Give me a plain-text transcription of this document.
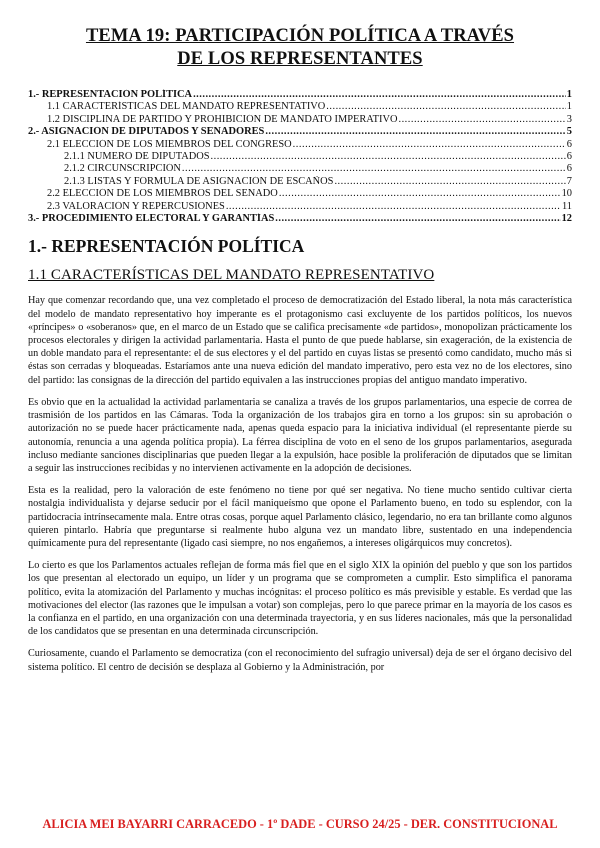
TEMA 19: PARTICIPACIÓN POLÍTICA A TRAVÉS
DE LOS REPRESENTANTES
1.- REPRESENTACIÓN POLÍTICA .....	1
1.1 CARACTERÍSTICAS DEL MANDATO REPRESENTATIVO .....	1
1.2 DISCIPLINA DE PARTIDO Y PROHIBICIÓN DE MANDATO IMPERATIVO .....	3
2.- ASIGNACIÓN DE DIPUTADOS Y SENADORES .....	5
2.1 ELECCIÓN DE LOS MIEMBROS DEL CONGRESO .....	6
2.1.1 NÚMERO DE DIPUTADOS .....	6
2.1.2 CIRCUNSCRIPCIÓN .....	6
2.1.3 LISTAS Y FÓRMULA DE ASIGNACIÓN DE ESCAÑOS .....	7
2.2 ELECCIÓN DE LOS MIEMBROS DEL SENADO .....	10
2.3 VALORACIÓN Y REPERCUSIONES .....	11
3.- PROCEDIMIENTO ELECTORAL Y GARANTÍAS .....	12
1.- REPRESENTACIÓN POLÍTICA
1.1 CARACTERÍSTICAS DEL MANDATO REPRESENTATIVO

Hay que comenzar recordando que, una vez completado el proceso de democratización del Estado liberal, la nota más característica del modelo de mandato representativo hoy imperante es el protagonismo casi excluyente de los partidos políticos, los nuevos «príncipes» o «soberanos» que, en el marco de un Estado que se califica precisamente «de partidos», monopolizan prácticamente los procesos electorales y dirigen la actividad parlamentaria. Hasta el punto de que puede hablarse, sin exageración, de la existencia de un doble mandato para el representante: el de sus electores y el del partido en cuyas listas se presentó como candidato, mucho más si éstas son cerradas y bloqueadas. Estaríamos ante una nueva edición del mandato imperativo, pero esta vez no de los electores, sino del partido: las consignas de la dirección del partido equivalen a las instrucciones propias del antiguo mandato imperativo.

Es obvio que en la actualidad la actividad parlamentaria se canaliza a través de los grupos parlamentarios, una especie de correa de trasmisión de los partidos en las Cámaras. Toda la organización de los trabajos gira en torno a los grupos: sin su aprobación o autorización no se puede hacer prácticamente nada, apenas queda espacio para la iniciativa individual (el representante pierde su autonomía, renuncia a una agenda política propia). La férrea disciplina de voto en el seno de los grupos parlamentarios, asegurada incluso mediante sanciones disciplinarias que pueden llegar a la expulsión, hace posible la proliferación de diputados que se limitan a seguir las instrucciones recibidas y no intervienen activamente en la adopción de decisiones.

Esta es la realidad, pero la valoración de este fenómeno no tiene por qué ser negativa. No tiene mucho sentido cultivar cierta nostalgia individualista y dejarse seducir por el fácil maniqueísmo que opone el Parlamento bueno, en todo su esplendor, con la partidocracia intrínsecamente mala. Entre otras cosas, porque aquel Parlamento clásico, legendario, no era tan brillante como algunos quieren pintarlo. Habría que preguntarse si realmente hubo alguna vez un mandato libre, sustentado en una independencia químicamente pura del representante (ligado casi siempre, no nos engañemos, a intereses oligárquicos muy concretos).

Lo cierto es que los Parlamentos actuales reflejan de forma más fiel que en el siglo XIX la opinión del pueblo y que son los partidos los que presentan al electorado un equipo, un líder y un programa que se comprometen a cumplir. Esto simplifica el panorama político, evita la atomización del Parlamento y muchas incógnitas: el proceso político es más previsible y estable. Es verdad que las motivaciones del elector (las razones que le impulsan a votar) son complejas, pero lo que parece primar en la mayoría de los casos es la confianza en el partido, en una organización con una determinada trayectoria, y en sus líderes nacionales, más que la personalidad de los candidatos que se presentan en una determinada circunscripción.

Curiosamente, cuando el Parlamento se democratiza (con el reconocimiento del sufragio universal) deja de ser el órgano decisivo del sistema político. El centro de decisión se desplaza al Gobierno y la Administración, por

ALICIA MEI BAYARRI CARRACEDO - 1º DADE - CURSO 24/25 - DER. CONSTITUCIONAL
